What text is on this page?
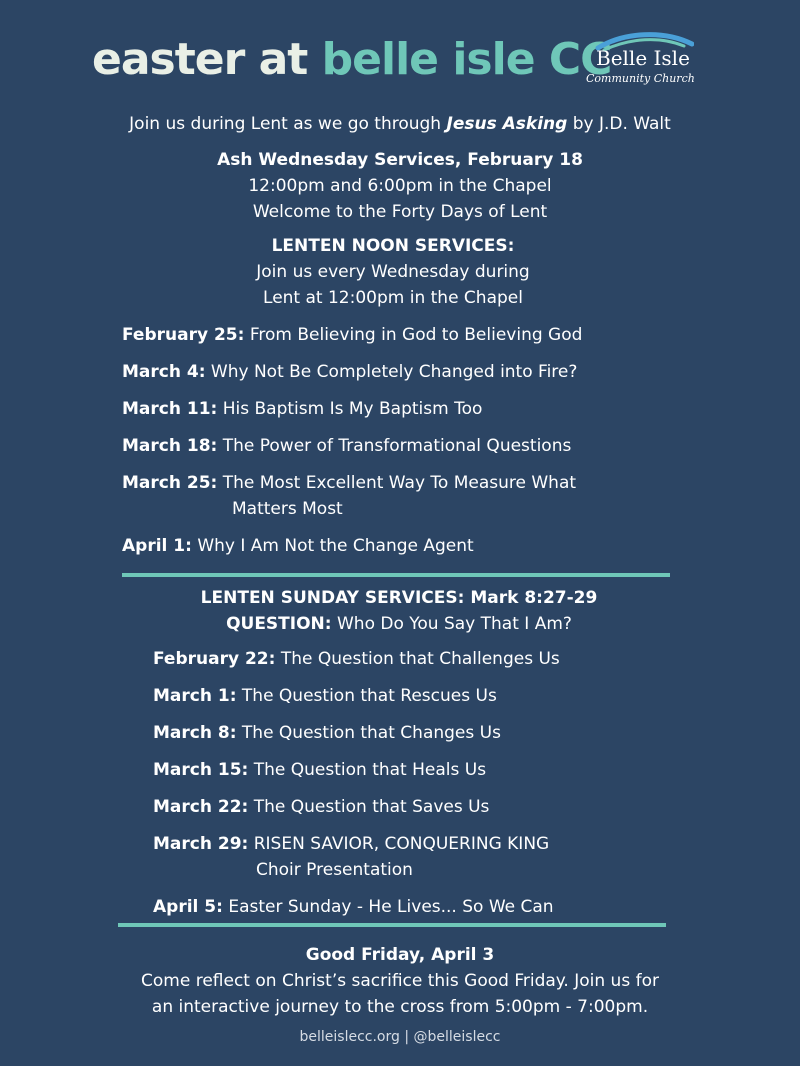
easter at belle isle CC
Belle Isle
Community Church
Join us during Lent as we go through Jesus Asking by J.D. Walt
Ash Wednesday Services, February 18
12:00pm and 6:00pm in the Chapel
Welcome to the Forty Days of Lent
LENTEN NOON SERVICES:
Join us every Wednesday during
Lent at 12:00pm in the Chapel
February 25: From Believing in God to Believing God
March 4: Why Not Be Completely Changed into Fire?
March 11: His Baptism Is My Baptism Too
March 18: The Power of Transformational Questions
March 25: The Most Excellent Way To Measure What
Matters Most
April 1: Why I Am Not the Change Agent
LENTEN SUNDAY SERVICES: Mark 8:27-29
QUESTION: Who Do You Say That I Am?
February 22: The Question that Challenges Us
March 1: The Question that Rescues Us
March 8: The Question that Changes Us
March 15: The Question that Heals Us
March 22: The Question that Saves Us
March 29: RISEN SAVIOR, CONQUERING KING
Choir Presentation
April 5: Easter Sunday - He Lives... So We Can
Good Friday, April 3
Come reflect on Christ’s sacrifice this Good Friday. Join us for
an interactive journey to the cross from 5:00pm - 7:00pm.
belleislecc.org | @belleislecc
